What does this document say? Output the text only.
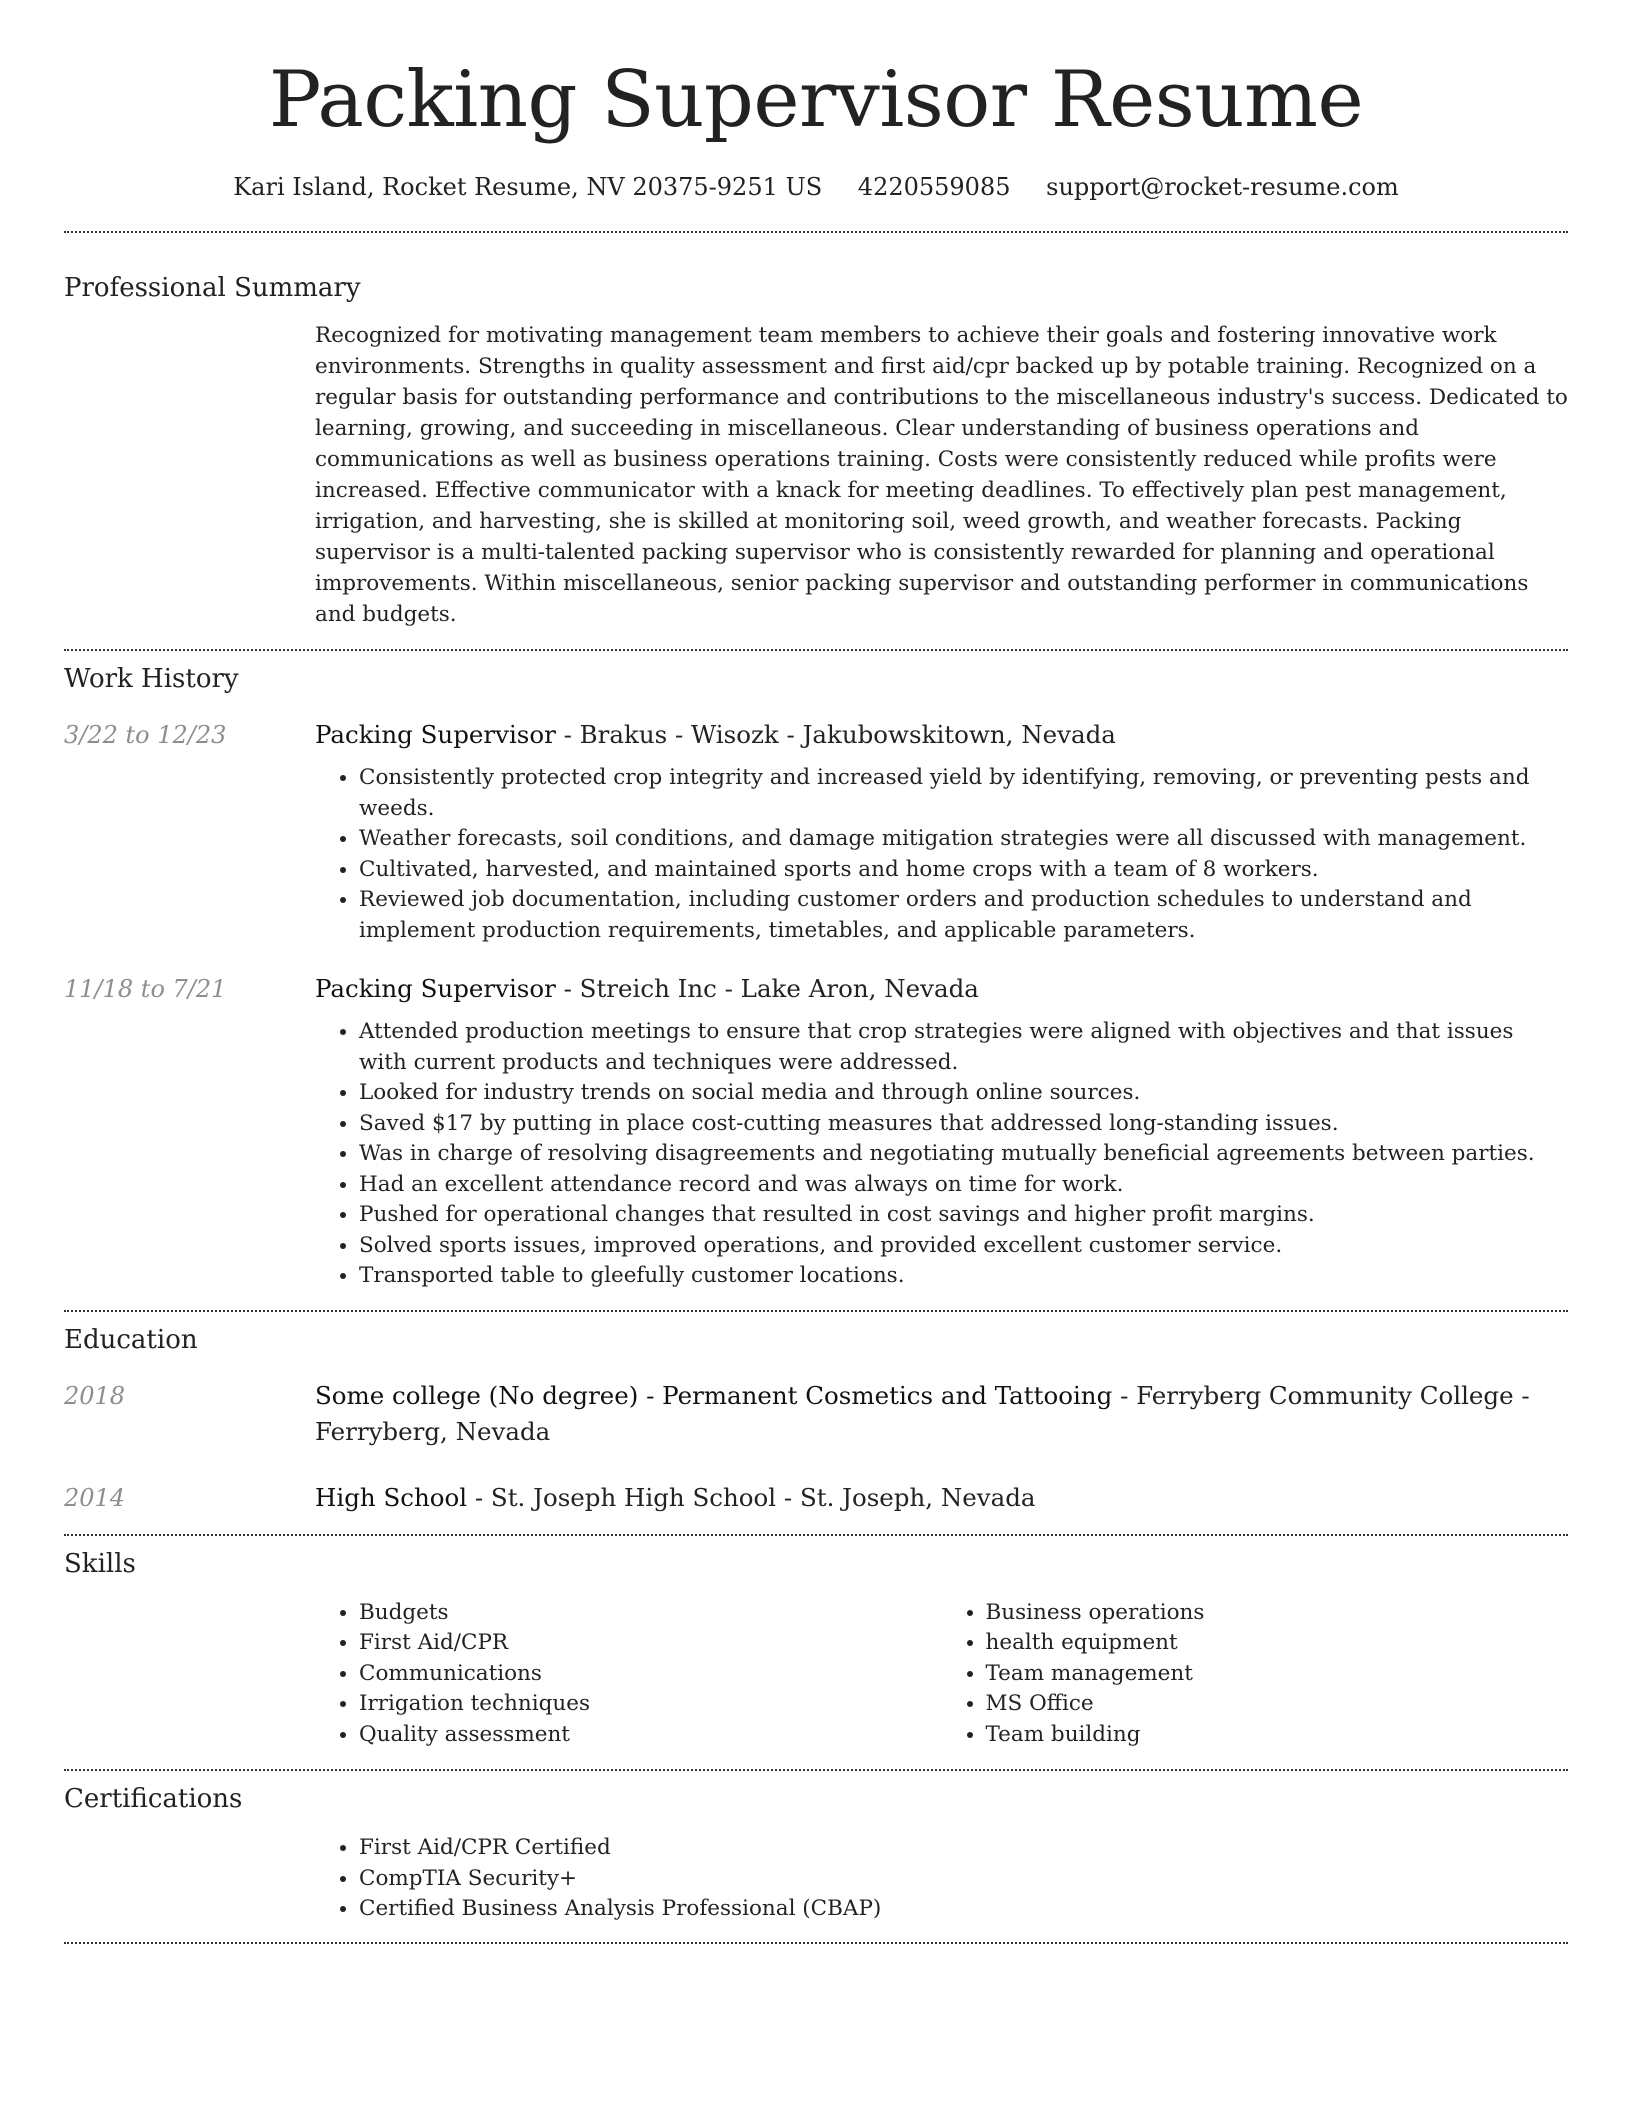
Packing Supervisor Resume
Kari Island, Rocket Resume, NV 20375-9251 US 4220559085 support@rocket-resume.com
Professional Summary
Recognized for motivating management team members to achieve their goals and fostering innovative work environments. Strengths in quality assessment and first aid/cpr backed up by potable training. Recognized on a regular basis for outstanding performance and contributions to the miscellaneous industry's success. Dedicated to learning, growing, and succeeding in miscellaneous. Clear understanding of business operations and communications as well as business operations training. Costs were consistently reduced while profits were increased. Effective communicator with a knack for meeting deadlines. To effectively plan pest management, irrigation, and harvesting, she is skilled at monitoring soil, weed growth, and weather forecasts. Packing supervisor is a multi-talented packing supervisor who is consistently rewarded for planning and operational improvements. Within miscellaneous, senior packing supervisor and outstanding performer in communications and budgets.
Work History
3/22 to 12/23	Packing Supervisor - Brakus - Wisozk - Jakubowskitown, Nevada
• Consistently protected crop integrity and increased yield by identifying, removing, or preventing pests and weeds.
• Weather forecasts, soil conditions, and damage mitigation strategies were all discussed with management.
• Cultivated, harvested, and maintained sports and home crops with a team of 8 workers.
• Reviewed job documentation, including customer orders and production schedules to understand and implement production requirements, timetables, and applicable parameters.
11/18 to 7/21	Packing Supervisor - Streich Inc - Lake Aron, Nevada
• Attended production meetings to ensure that crop strategies were aligned with objectives and that issues with current products and techniques were addressed.
• Looked for industry trends on social media and through online sources.
• Saved $17 by putting in place cost-cutting measures that addressed long-standing issues.
• Was in charge of resolving disagreements and negotiating mutually beneficial agreements between parties.
• Had an excellent attendance record and was always on time for work.
• Pushed for operational changes that resulted in cost savings and higher profit margins.
• Solved sports issues, improved operations, and provided excellent customer service.
• Transported table to gleefully customer locations.
Education
2018	Some college (No degree) - Permanent Cosmetics and Tattooing - Ferryberg Community College - Ferryberg, Nevada
2014	High School - St. Joseph High School - St. Joseph, Nevada
Skills
• Budgets
• First Aid/CPR
• Communications
• Irrigation techniques
• Quality assessment
• Business operations
• health equipment
• Team management
• MS Office
• Team building
Certifications
• First Aid/CPR Certified
• CompTIA Security+
• Certified Business Analysis Professional (CBAP)
